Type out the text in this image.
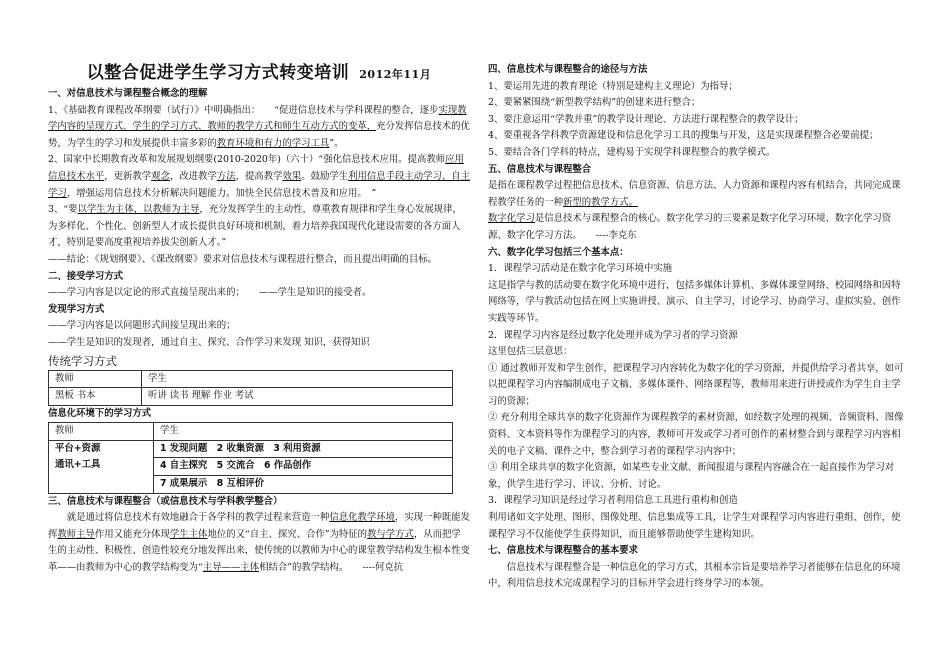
以整合促进学生学习方式转变培训 2012年11月
一、对信息技术与课程整合概念的理解

1、《基础教育课程改革纲要（试行）》中明确指出：　　“促进信息技术与学科课程的整合，逐步实现教学内容的呈现方式、学生的学习方式、教师的教学方式和师生互动方式的变革，充分发挥信息技术的优势，为学生的学习和发展提供丰富多彩的教育环境和有力的学习工具”。

2、国家中长期教育改革和发展规划纲要(2010-2020年)（六十）“强化信息技术应用。提高教师应用信息技术水平，更新教学观念，改进教学方法，提高教学效果。鼓励学生利用信息手段主动学习、自主学习，增强运用信息技术分析解决问题能力。加快全民信息技术普及和应用。　”

3、“要以学生为主体，以教师为主导，充分发挥学生的主动性，尊重教育规律和学生身心发展规律，为多样化、个性化、创新型人才成长提供良好环境和机制，着力培养我国现代化建设需要的各方面人才，特别是要高度重视培养拔尖创新人才。”

——结论：《规划纲要》、《课改纲要》要求对信息技术与课程进行整合，而且提出明确的目标。

二、接受学习方式

——学习内容是以定论的形式直接呈现出来的；　　——学生是知识的接受者。

发现学习方式

——学习内容是以问题形式间接呈现出来的；

——学生是知识的发现者，通过自主、探究、合作学习来发现 知识，获得知识

传统学习方式
教师	学生
黑板 书本	听讲 读书 理解 作业 考试
信息化环境下的学习方式
教师	学生

平台+资源
通讯+工具	1 发现问题　2 收集资源　3 利用资源
	4 自主探究　5 交流合　6 作品创作
	7 成果展示　8 互相评价
三、信息技术与课程整合（或信息技术与学科教学整合）

就是通过将信息技术有效地融合于各学科的教学过程来营造一种信息化教学环境，实现一种既能发挥教师主导作用又能充分体现学生主体地位的又“自主、探究、合作”为特征的教与学方式，从而把学生的主动性、积极性、创造性较充分地发挥出来，使传统的以教师为中心的课堂教学结构发生根本性变革——由教师为中心的教学结构变为“主导——主体相结合”的教学结构。　　 ----何克抗

四、信息技术与课程整合的途径与方法

1、要运用先进的教育理论（特别是建构主义理论）为指导；

2、要紧紧围绕“新型教学结构”的创建来进行整合；

3、要注意运用“学教并重”的教学设计理论、方法进行课程整合的教学设计；

4、要重视各学科教学资源建设和信息化学习工具的搜集与开发，这是实现课程整合必要前提；

5、要结合各门学科的特点，建构易于实现学科课程整合的教学模式。

五、信息技术与课程整合

是指在课程教学过程把信息技术、信息资源、信息方法、人力资源和课程内容有机结合，共同完成课程教学任务的一种新型的教学方式。

数字化学习是信息技术与课程整合的核心。数字化学习的三要素是数字化学习环境、数字化学习资源、数字化学习方法。　　----李克东

六、数字化学习包括三个基本点：

1．课程学习活动是在数字化学习环境中实施

这是指学与教的活动要在数字化环境中进行，包括多媒体计算机、多媒体课堂网络、校园网络和因特网络等，学与教活动包括在网上实施讲授、演示、自主学习，讨论学习、协商学习、虚拟实验、创作实践等环节。

2．课程学习内容是经过数字化处理并成为学习者的学习资源

这里包括三层意思：

① 通过教师开发和学生创作，把课程学习内容转化为数字化的学习资源，并提供给学习者共享，如可以把课程学习内容编制成电子文稿、多媒体课件、网络课程等，教师用来进行讲授或作为学生自主学习的资源；

② 充分利用全球共享的数字化资源作为课程教学的素材资源，如经数字处理的视频、音频资料、图像资料、文本资料等作为课程学习的内容，教师可开发或学习者可创作的素材整合到与课程学习内容相关的电子文稿、课件之中，整合到学习者的课程学习内容中；

③ 利用全球共享的数字化资源，如某些专业文献、新闻报道与课程内容融合在一起直接作为学习对象，供学生进行学习、评议、分析、讨论。

3．课程学习知识是经过学习者利用信息工具进行重构和创造

利用诸如文字处理、图形、图像处理、信息集成等工具，让学生对课程学习内容进行重组、创作，使课程学习不仅能使学生获得知识，而且能够帮助使学生建构知识。

七、信息技术与课程整合的基本要求

信息技术与课程整合是一种信息化的学习方式，其根本宗旨是要培养学习者能够在信息化的环境中，利用信息技术完成课程学习的目标并学会进行终身学习的本领。
